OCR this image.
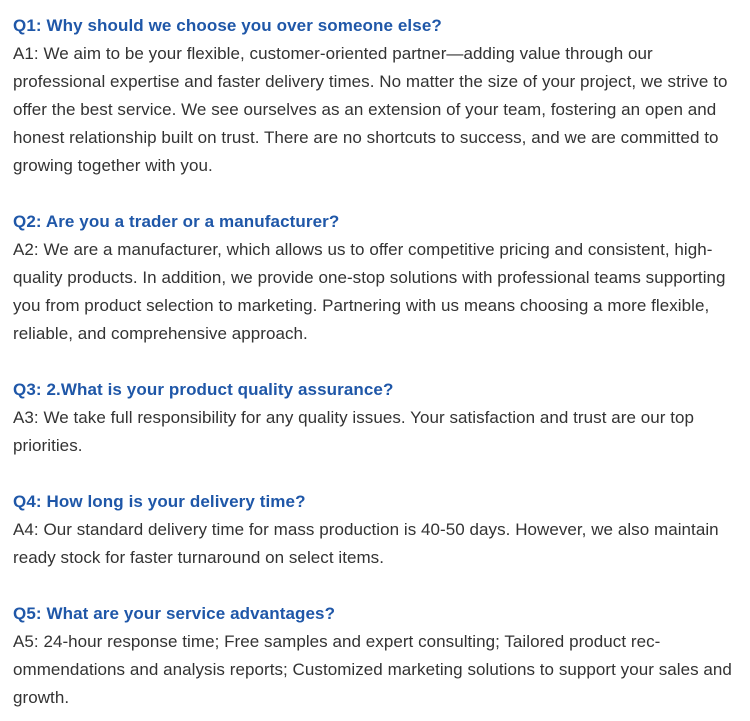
Q1: Why should we choose you over someone else?

A1: We aim to be your flexible, customer-oriented partner—adding value through our professional expertise and faster delivery times. No matter the size of your project, we strive to offer the best service. We see ourselves as an extension of your team, fostering an open and honest relationship built on trust. There are no shortcuts to success, and we are committed to growing together with you.

Q2: Are you a trader or a manufacturer?

A2: We are a manufacturer, which allows us to offer competitive pricing and consistent, high-quality products. In addition, we provide one-stop solutions with professional teams supporting you from product selection to marketing. Partnering with us means choosing a more flexible, reliable, and comprehensive approach.

Q3: 2.What is your product quality assurance?

A3: We take full responsibility for any quality issues. Your satisfaction and trust are our top priorities.

Q4: How long is your delivery time?

A4: Our standard delivery time for mass production is 40-50 days. However, we also maintain ready stock for faster turnaround on select items.

Q5: What are your service advantages?

A5: 24-hour response time; Free samples and expert consulting; Tailored product rec-ommendations and analysis reports; Customized marketing solutions to support your sales and growth.
